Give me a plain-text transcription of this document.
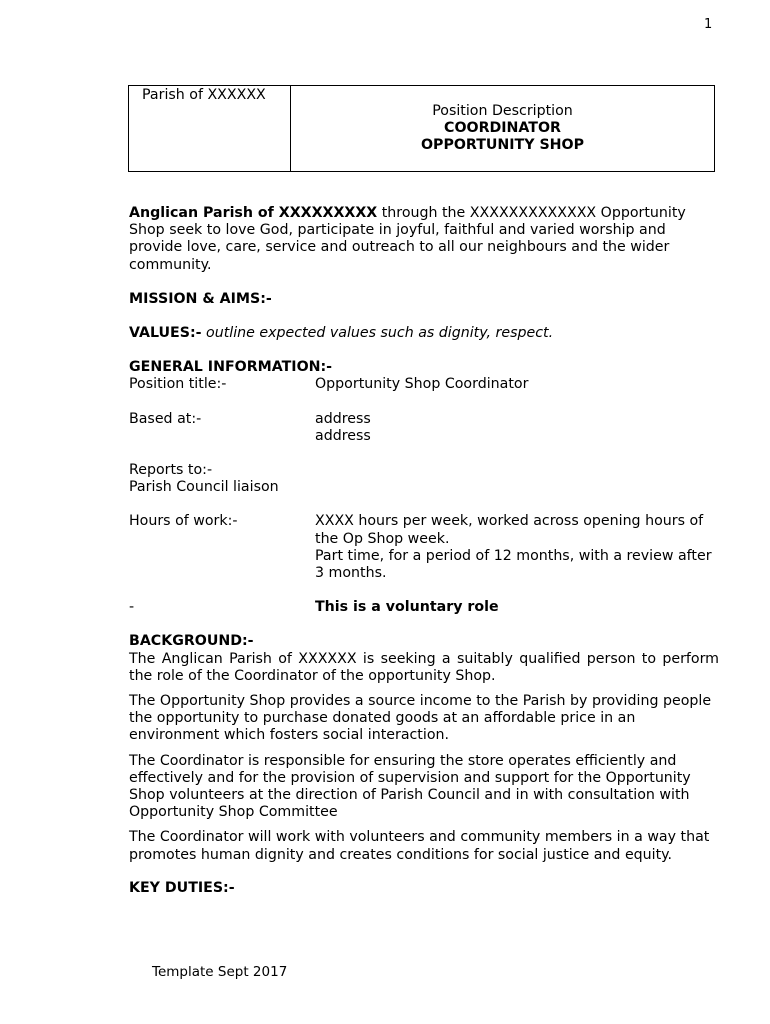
1
Parish of XXXXXX
Position Description
COORDINATOR
OPPORTUNITY SHOP

Anglican Parish of XXXXXXXXX through the XXXXXXXXXXXXX Opportunity Shop seek to love God, participate in joyful, faithful and varied worship and provide love, care, service and outreach to all our neighbours and the wider community.

MISSION & AIMS:-

VALUES:- outline expected values such as dignity, respect.

GENERAL INFORMATION:-

Position title:-	Opportunity Shop Coordinator
Based at:-	address
address
Reports to:-
Parish Council liaison
Hours of work:-	XXXX hours per week, worked across opening hours of the Op Shop week.
Part time, for a period of 12 months, with a review after 3 months.
-	This is a voluntary role

BACKGROUND:-

The Anglican Parish of XXXXXX is seeking a suitably qualified person to perform the role of the Coordinator of the opportunity Shop.

The Opportunity Shop provides a source income to the Parish by providing people the opportunity to purchase donated goods at an affordable price in an environment which fosters social interaction.

The Coordinator is responsible for ensuring the store operates efficiently and effectively and for the provision of supervision and support for the Opportunity Shop volunteers at the direction of Parish Council and in with consultation with Opportunity Shop Committee

The Coordinator will work with volunteers and community members in a way that promotes human dignity and creates conditions for social justice and equity.

KEY DUTIES:-

Template Sept 2017
